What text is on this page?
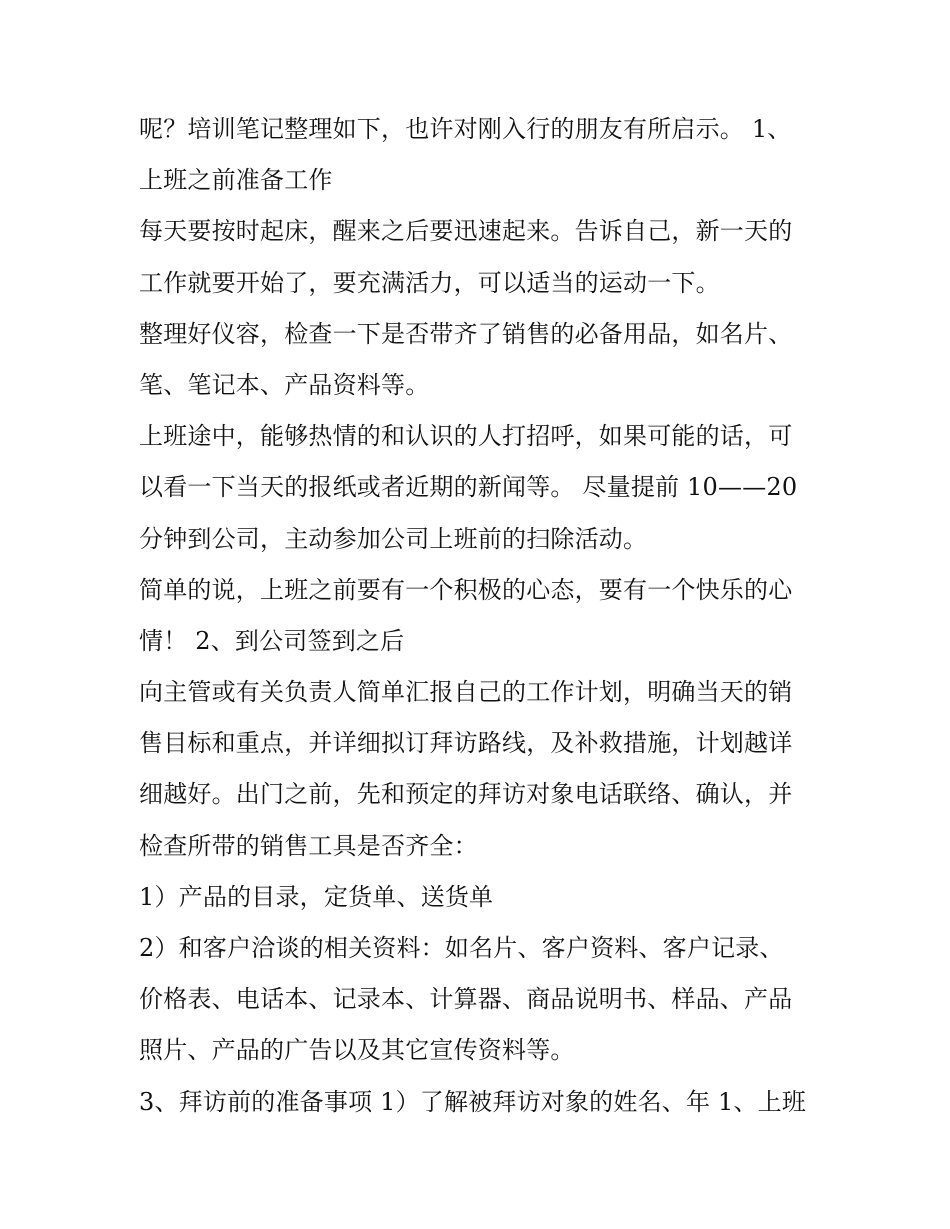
呢？培训笔记整理如下，也许对刚入行的朋友有所启示。 1、
上班之前准备工作
每天要按时起床，醒来之后要迅速起来。告诉自己，新一天的
工作就要开始了，要充满活力，可以适当的运动一下。
整理好仪容，检查一下是否带齐了销售的必备用品，如名片、
笔、笔记本、产品资料等。
上班途中，能够热情的和认识的人打招呼，如果可能的话，可
以看一下当天的报纸或者近期的新闻等。 尽量提前 10——20
分钟到公司，主动参加公司上班前的扫除活动。
简单的说，上班之前要有一个积极的心态，要有一个快乐的心
情！ 2、到公司签到之后
向主管或有关负责人简单汇报自己的工作计划，明确当天的销
售目标和重点，并详细拟订拜访路线，及补救措施，计划越详
细越好。出门之前，先和预定的拜访对象电话联络、确认，并
检查所带的销售工具是否齐全：
1）产品的目录，定货单、送货单
2）和客户洽谈的相关资料：如名片、客户资料、客户记录、
价格表、电话本、记录本、计算器、商品说明书、样品、产品
照片、产品的广告以及其它宣传资料等。
3、拜访前的准备事项 1）了解被拜访对象的姓名、年 1、上班
